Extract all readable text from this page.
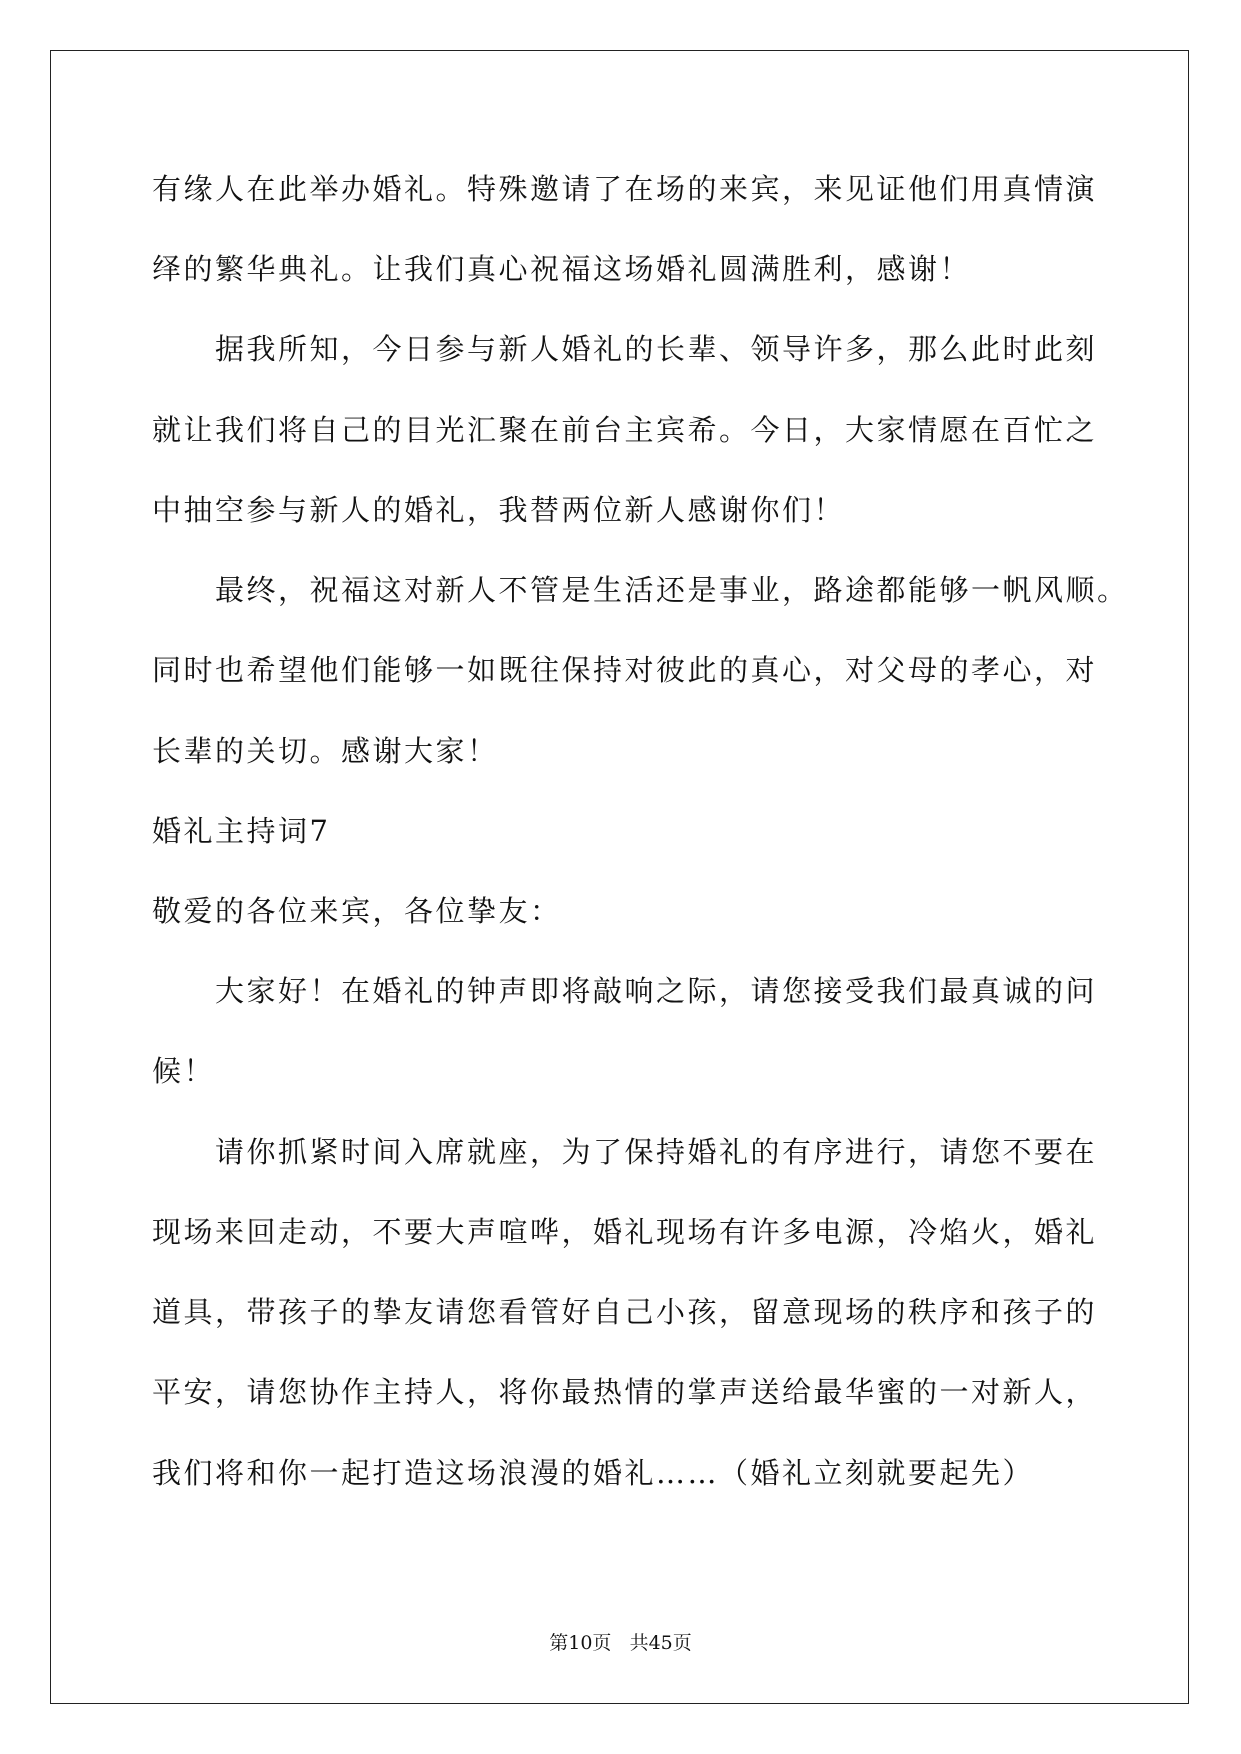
有缘人在此举办婚礼。特殊邀请了在场的来宾，来见证他们用真情演

绎的繁华典礼。让我们真心祝福这场婚礼圆满胜利，感谢！

据我所知，今日参与新人婚礼的长辈、领导许多，那么此时此刻

就让我们将自己的目光汇聚在前台主宾希。今日，大家情愿在百忙之

中抽空参与新人的婚礼，我替两位新人感谢你们！

最终，祝福这对新人不管是生活还是事业，路途都能够一帆风顺。

同时也希望他们能够一如既往保持对彼此的真心，对父母的孝心，对

长辈的关切。感谢大家！

婚礼主持词7

敬爱的各位来宾，各位挚友：

大家好！在婚礼的钟声即将敲响之际，请您接受我们最真诚的问

候！

请你抓紧时间入席就座，为了保持婚礼的有序进行，请您不要在

现场来回走动，不要大声喧哗，婚礼现场有许多电源，冷焰火，婚礼

道具，带孩子的挚友请您看管好自己小孩，留意现场的秩序和孩子的

平安，请您协作主持人，将你最热情的掌声送给最华蜜的一对新人，

我们将和你一起打造这场浪漫的婚礼……（婚礼立刻就要起先）

第10页 共45页
